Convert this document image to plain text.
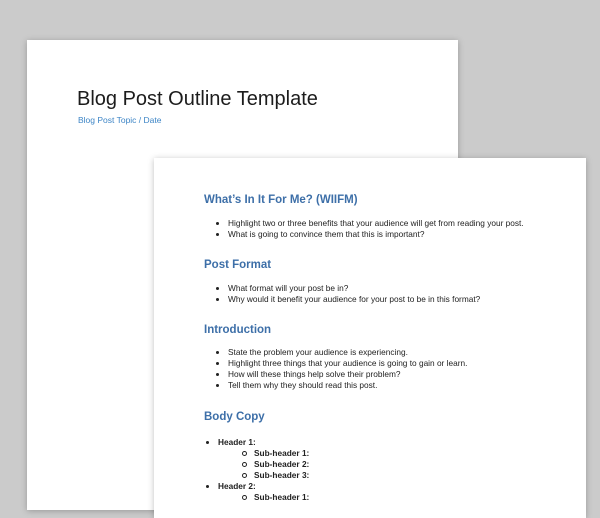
Blog Post Outline Template
Blog Post Topic / Date
What’s In It For Me? (WIIFM)
Highlight two or three benefits that your audience will get from reading your post.
What is going to convince them that this is important?
Post Format
What format will your post be in?
Why would it benefit your audience for your post to be in this format?
Introduction
State the problem your audience is experiencing.
Highlight three things that your audience is going to gain or learn.
How will these things help solve their problem?
Tell them why they should read this post.
Body Copy
Header 1:
Sub-header 1:
Sub-header 2:
Sub-header 3:
Header 2:
Sub-header 1:
